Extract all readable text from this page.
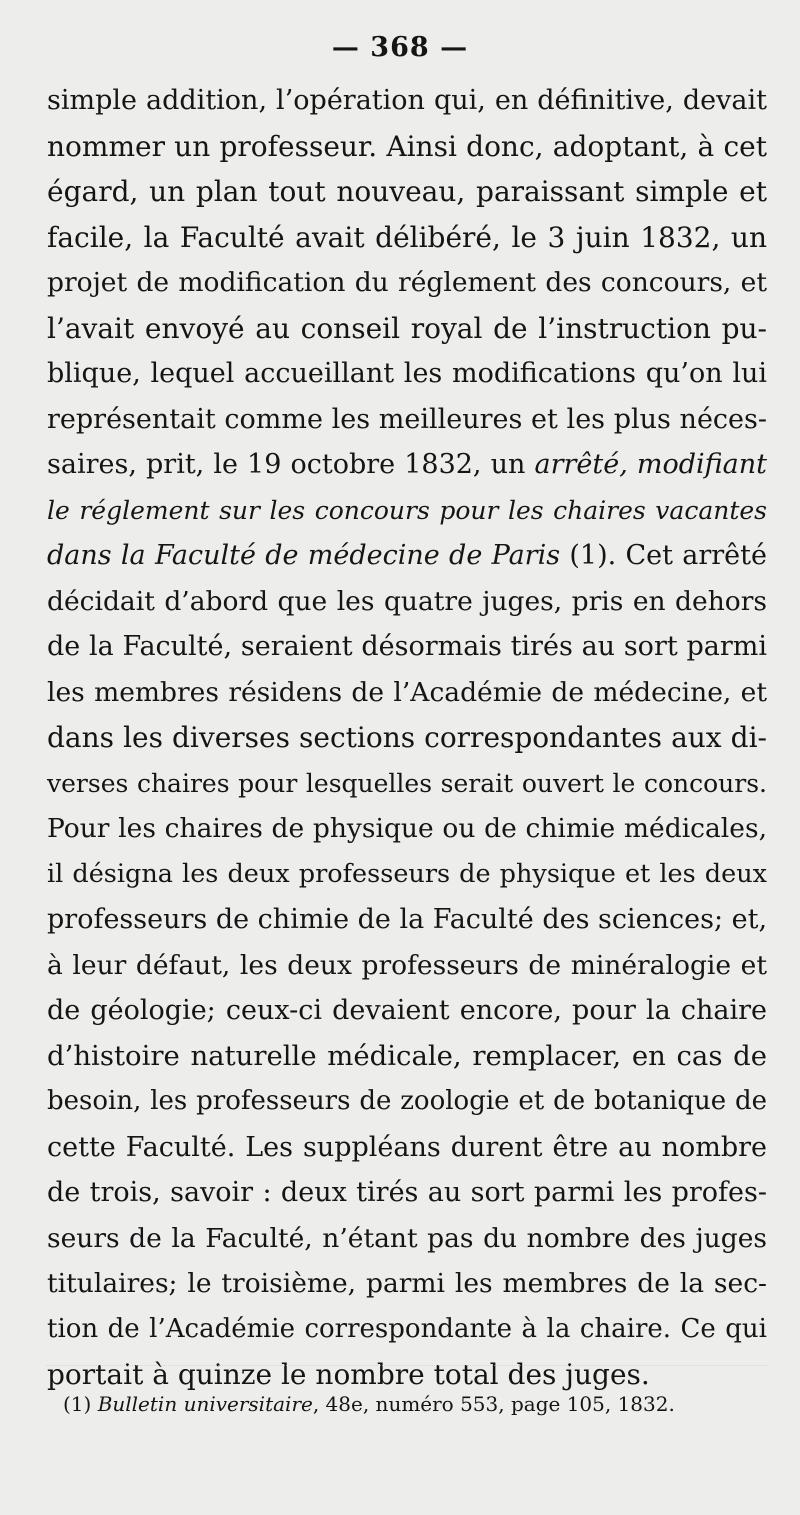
— 368 —
simple addition, l’opération qui, en définitive, devait
nommer un professeur. Ainsi donc, adoptant, à cet
égard, un plan tout nouveau, paraissant simple et
facile, la Faculté avait délibéré, le 3 juin 1832, un
projet de modification du réglement des concours, et
l’avait envoyé au conseil royal de l’instruction pu-
blique, lequel accueillant les modifications qu’on lui
représentait comme les meilleures et les plus néces-
saires, prit, le 19 octobre 1832, un arrêté, modifiant
le réglement sur les concours pour les chaires vacantes
dans la Faculté de médecine de Paris (1). Cet arrêté
décidait d’abord que les quatre juges, pris en dehors
de la Faculté, seraient désormais tirés au sort parmi
les membres résidens de l’Académie de médecine, et
dans les diverses sections correspondantes aux di-
verses chaires pour lesquelles serait ouvert le concours.
Pour les chaires de physique ou de chimie médicales,
il désigna les deux professeurs de physique et les deux
professeurs de chimie de la Faculté des sciences; et,
à leur défaut, les deux professeurs de minéralogie et
de géologie; ceux-ci devaient encore, pour la chaire
d’histoire naturelle médicale, remplacer, en cas de
besoin, les professeurs de zoologie et de botanique de
cette Faculté. Les suppléans durent être au nombre
de trois, savoir : deux tirés au sort parmi les profes-
seurs de la Faculté, n’étant pas du nombre des juges
titulaires; le troisième, parmi les membres de la sec-
tion de l’Académie correspondante à la chaire. Ce qui
portait à quinze le nombre total des juges.
(1) Bulletin universitaire, 48e, numéro 553, page 105, 1832.
